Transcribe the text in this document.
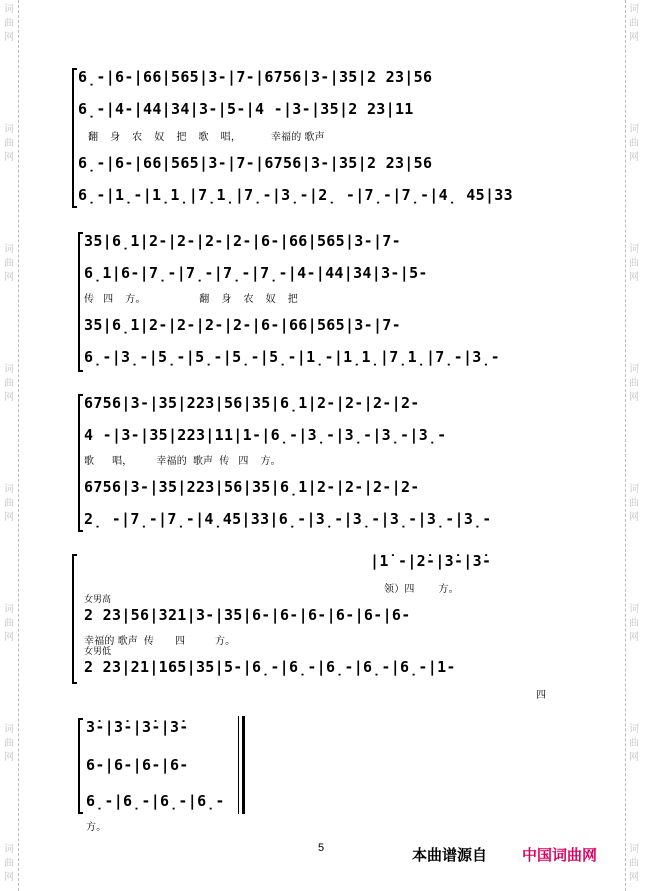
词
曲
网
词
曲
网
词
曲
网
词
曲
网
词
曲
网
词
曲
网
词
曲
网
词
曲
网
词
曲
网
词
曲
网
词
曲
网
词
曲
网
词
曲
网
词
曲
网
词
曲
网
词
曲
网
6̣-|6-|66|565|3-|7-|6756|3-|35|2 23|56
6̣-|4-|44|34|3-|5-|4 -|3-|35|2 23|11
翻    身    农    奴    把    歌    唱，          幸福的 歌声
6̣-|6-|66|565|3-|7-|6756|3-|35|2 23|56
6̣-|1̣-|1̣1̣|7̣1̣|7̣-|3̣-|2̣ -|7̣-|7̣-|4̣ 45|33
35|6̣1|2-|2-|2-|2-|6-|66|565|3-|7-
6̣1|6-|7̣-|7̣-|7̣-|7̣-|4-|44|34|3-|5-
传   四    方。                  翻    身    农    奴    把
35|6̣1|2-|2-|2-|2-|6-|66|565|3-|7-
6̣-|3̣-|5̣-|5̣-|5̣-|5̣-|1̣-|1̣1̣|7̣1̣|7̣-|3̣-
6756|3-|35|223|56|35|6̣1|2-|2-|2-|2-
4 -|3-|35|223|11|1-|6̣-|3̣-|3̣-|3̣-|3̣-
歌      唱，        幸福的  歌声  传   四    方。
6756|3-|35|223|56|35|6̣1|2-|2-|2-|2-
2̣ -|7̣-|7̣-|4̣45|33|6̣-|3̣-|3̣-|3̣-|3̣-|3̣-
|1̇ -|2̇-|3̇-|3̇-
领）四        方。
女男高
2 23|56|321|3-|35|6-|6-|6-|6-|6-|6-
幸福的 歌声  传       四          方。
女男低
2 23|21|165|35|5-|6̣-|6̣-|6̣-|6̣-|6̣-|1-
四
3̇-|3̇-|3̇-|3̇-
6-|6-|6-|6-
6̣-|6̣-|6̣-|6̣-
方。
5	本曲谱源自 中国词曲网
